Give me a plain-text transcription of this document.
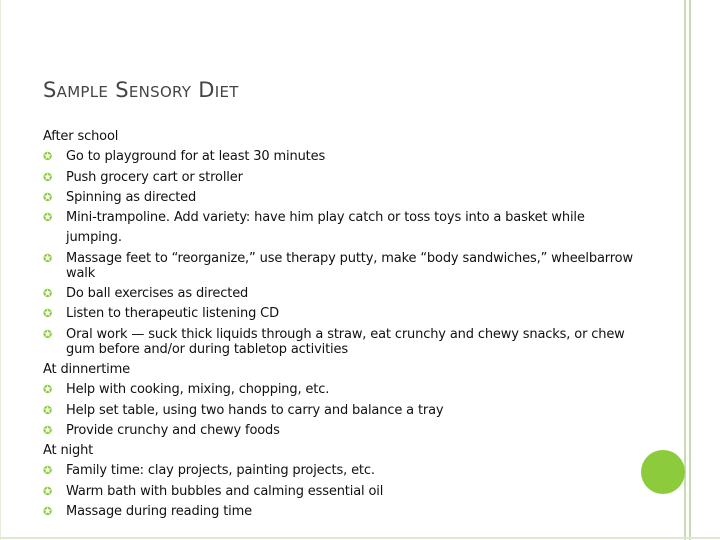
Sample Sensory Diet
After school
✪	Go to playground for at least 30 minutes
✪	Push grocery cart or stroller
✪	Spinning as directed
✪	Mini-trampoline. Add variety: have him play catch or toss toys into a basket while jumping.
✪	Massage feet to “reorganize,” use therapy putty, make “body sandwiches,” wheelbarrow walk
✪	Do ball exercises as directed
✪	Listen to therapeutic listening CD
✪	Oral work — suck thick liquids through a straw, eat crunchy and chewy snacks, or chew gum before and/or during tabletop activities
At dinnertime
✪	Help with cooking, mixing, chopping, etc.
✪	Help set table, using two hands to carry and balance a tray
✪	Provide crunchy and chewy foods
At night
✪	Family time: clay projects, painting projects, etc.
✪	Warm bath with bubbles and calming essential oil
✪	Massage during reading time
